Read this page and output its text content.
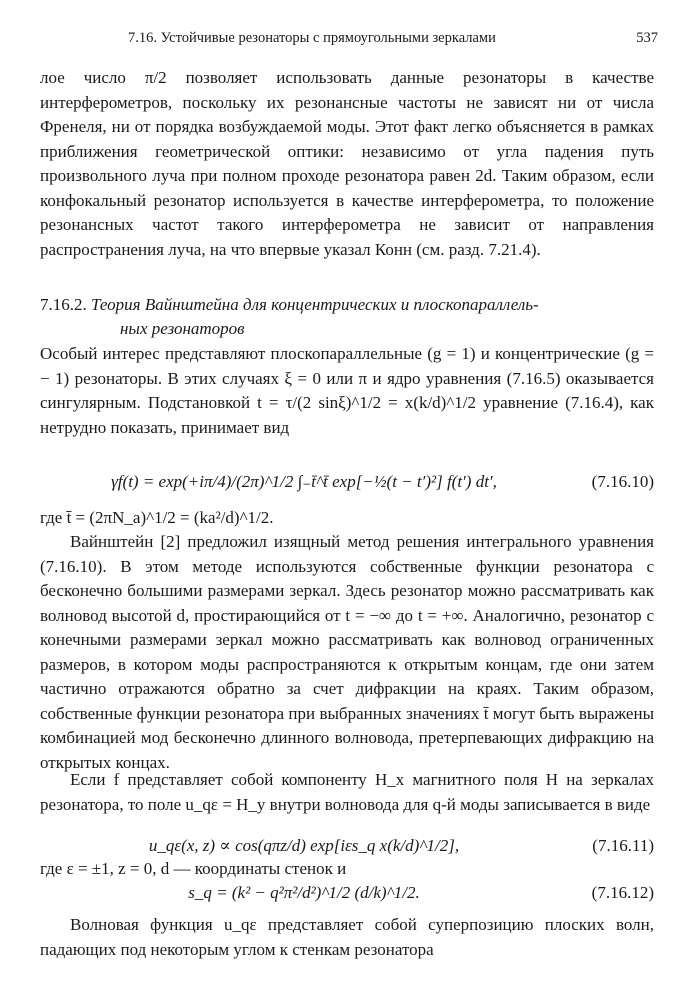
7.16. Устойчивые резонаторы с прямоугольными зеркалами	537

лое число π/2 позволяет использовать данные резонаторы в качестве интерферометров, поскольку их резонансные частоты не зависят ни от числа Френеля, ни от порядка возбуждаемой моды. Этот факт легко объясняется в рамках приближения геометрической оптики: независимо от угла падения путь произвольного луча при полном проходе резонатора равен 2d. Таким образом, если конфокальный резонатор используется в качестве интерферометра, то положение резонансных частот такого интерферометра не зависит от направления распространения луча, на что впервые указал Конн (см. разд. 7.21.4).

7.16.2. Теория Вайнштейна для концентрических и плоскопараллель-
ных резонаторов

Особый интерес представляют плоскопараллельные (g = 1) и концентрические (g = − 1) резонаторы. В этих случаях ξ = 0 или π и ядро уравнения (7.16.5) оказывается сингулярным. Подстановкой t = τ/(2 sinξ)^1/2 = x(k/d)^1/2 уравнение (7.16.4), как нетрудно показать, принимает вид

γf(t) = exp(+iπ/4)/(2π)^1/2 ∫₋t̄^t̄ exp[−½(t − t′)²] f(t′) dt′,	(7.16.10)

где t̄ = (2πN_a)^1/2 = (ka²/d)^1/2.

Вайнштейн [2] предложил изящный метод решения интегрального уравнения (7.16.10). В этом методе используются собственные функции резонатора с бесконечно большими размерами зеркал. Здесь резонатор можно рассматривать как волновод высотой d, простирающийся от t = −∞ до t = +∞. Аналогично, резонатор с конечными размерами зеркал можно рассматривать как волновод ограниченных размеров, в котором моды распространяются к открытым концам, где они затем частично отражаются обратно за счет дифракции на краях. Таким образом, собственные функции резонатора при выбранных значениях t̄ могут быть выражены комбинацией мод бесконечно длинного волновода, претерпевающих дифракцию на открытых концах.

Если f представляет собой компоненту H_x магнитного поля H на зеркалах резонатора, то поле u_qε = H_y внутри волновода для q-й моды записывается в виде

u_qε(x, z) ∝ cos(qπz/d) exp[iεs_q x(k/d)^1/2],	(7.16.11)

где ε = ±1, z = 0, d — координаты стенок и

s_q = (k² − q²π²/d²)^1/2 (d/k)^1/2.	(7.16.12)

Волновая функция u_qε представляет собой суперпозицию плоских волн, падающих под некоторым углом к стенкам резонатора
